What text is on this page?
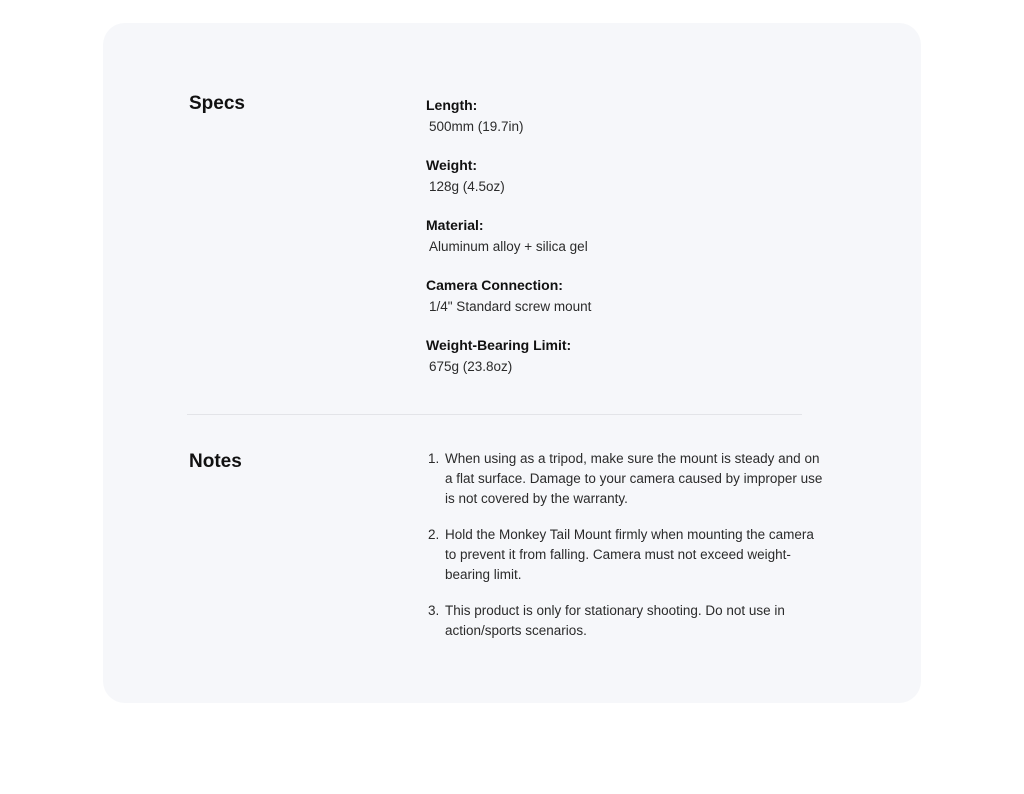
Specs	Length:
500mm (19.7in)
Weight:
128g (4.5oz)
Material:
Aluminum alloy + silica gel
Camera Connection:
1/4" Standard screw mount
Weight-Bearing Limit:
675g (23.8oz)
Notes	1. When using as a tripod, make sure the mount is steady and on a flat surface. Damage to your camera caused by improper use is not covered by the warranty.
2. Hold the Monkey Tail Mount firmly when mounting the camera to prevent it from falling. Camera must not exceed weight-bearing limit.
3. This product is only for stationary shooting. Do not use in action/sports scenarios.
